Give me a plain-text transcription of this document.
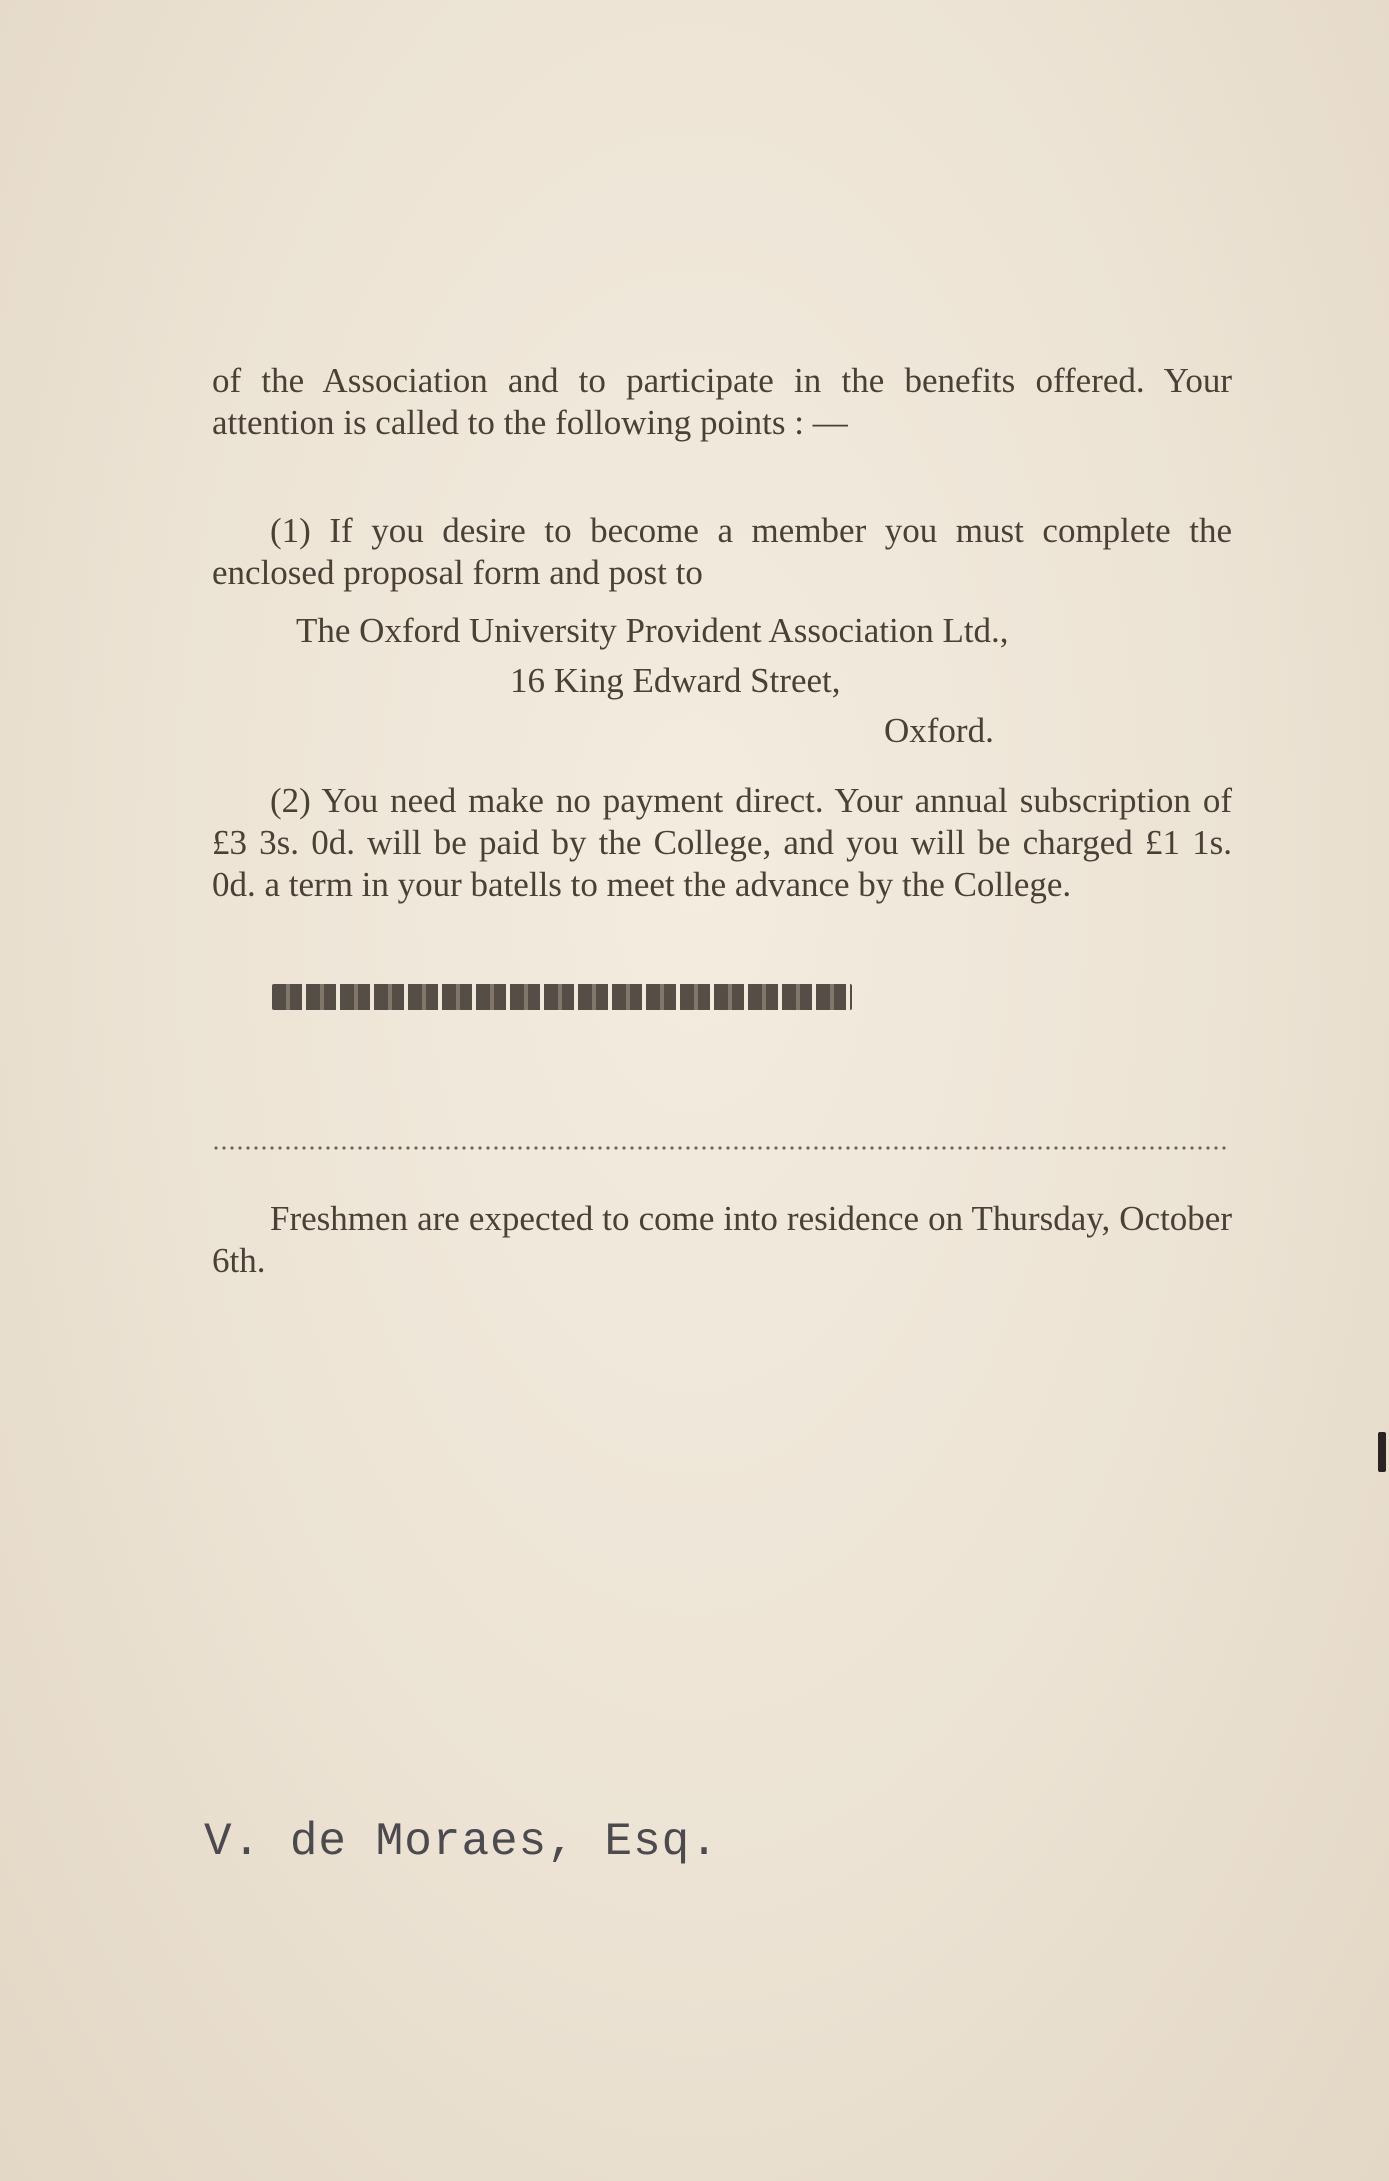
of the Association and to participate in the benefits offered. Your attention is called to the following points : —

(1) If you desire to become a member you must complete the enclosed proposal form and post to

The Oxford University Provident Association Ltd.,
16 King Edward Street,
Oxford.

(2) You need make no payment direct. Your annual subscription of £3 3s. 0d. will be paid by the College, and you will be charged £1 1s. 0d. a term in your batells to meet the advance by the College.

Freshmen are expected to come into residence on Thursday, October 6th.

V. de Moraes, Esq.
